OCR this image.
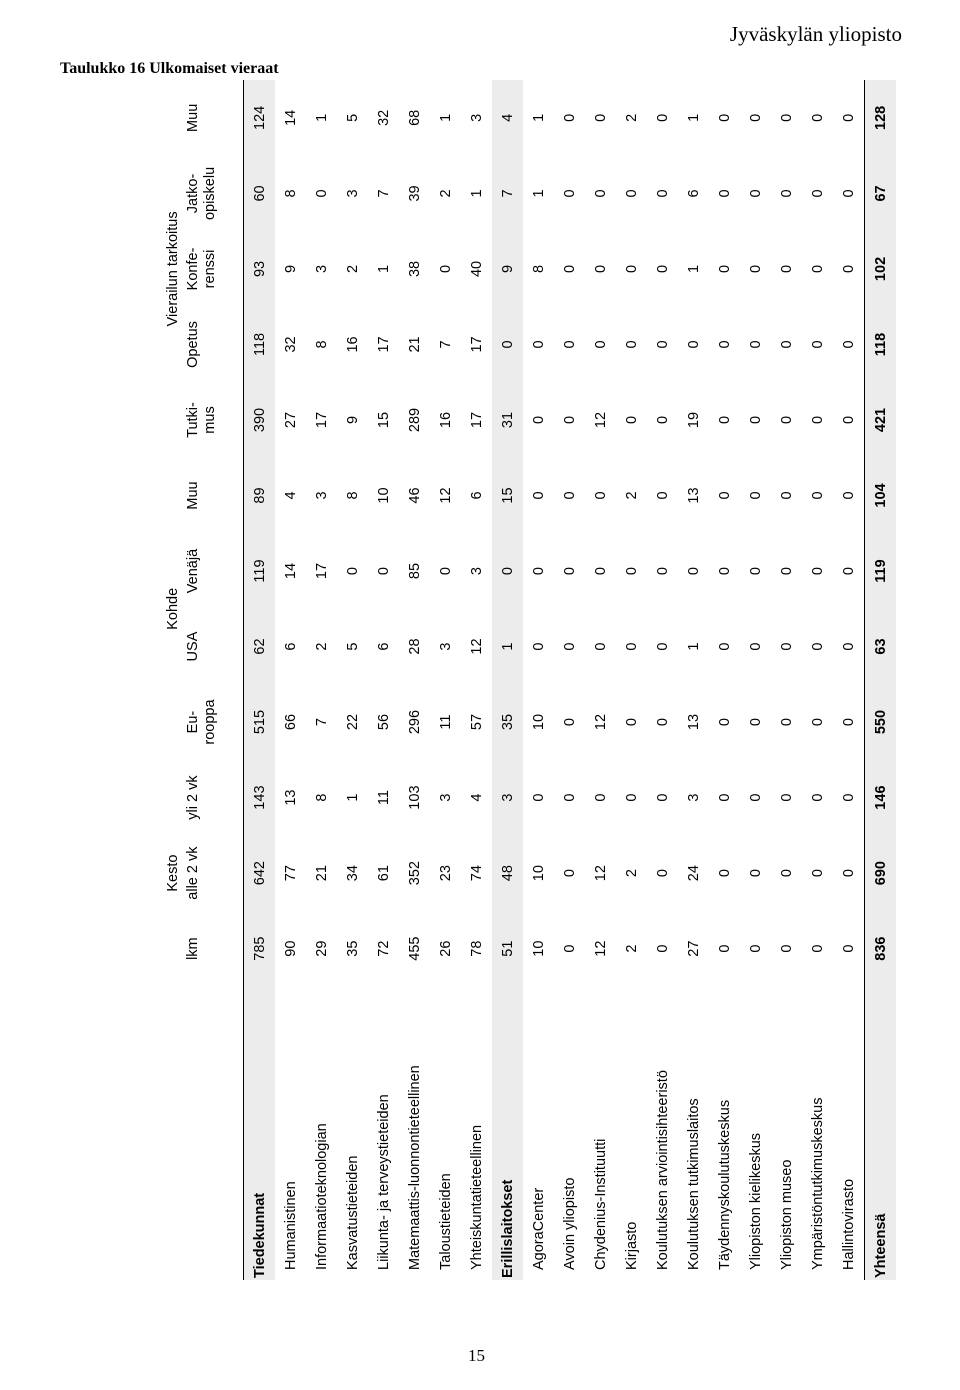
Jyväskylän yliopisto
Taulukko 16 Ulkomaiset vieraat
	Kesto			Kohde				Vierailun tarkoitus				

	lkm	alle 2 vk	yli 2 vk	Eu- rooppa	USA	Venäjä	Muu	Tutki- mus	Opetus	Konfe- renssi	Jatko- opiskelu	Muu

Tiedekunnat	785	642	143	515	62	119	89	390	118	93	60	124
Humanistinen	90	77	13	66	6	14	4	27	32	9	8	14
Informaatioteknologian	29	21	8	7	2	17	3	17	8	3	0	1
Kasvatustieteiden	35	34	1	22	5	0	8	9	16	2	3	5
Liikunta- ja terveystieteiden	72	61	11	56	6	0	10	15	17	1	7	32
Matemaattis-luonnontieteellinen	455	352	103	296	28	85	46	289	21	38	39	68
Taloustieteiden	26	23	3	11	3	0	12	16	7	0	2	1
Yhteiskuntatieteellinen	78	74	4	57	12	3	6	17	17	40	1	3
Erillislaitokset	51	48	3	35	1	0	15	31	0	9	7	4
AgoraCenter	10	10	0	10	0	0	0	0	0	8	1	1
Avoin yliopisto	0	0	0	0	0	0	0	0	0	0	0	0
Chydenius-Instituutti	12	12	0	12	0	0	0	12	0	0	0	0
Kirjasto	2	2	0	0	0	0	2	0	0	0	0	2
Koulutuksen arviointisihteeristö	0	0	0	0	0	0	0	0	0	0	0	0
Koulutuksen tutkimuslaitos	27	24	3	13	1	0	13	19	0	1	6	1
Täydennyskoulutuskeskus	0	0	0	0	0	0	0	0	0	0	0	0
Yliopiston kielikeskus	0	0	0	0	0	0	0	0	0	0	0	0
Yliopiston museo	0	0	0	0	0	0	0	0	0	0	0	0
Ympäristöntutkimuskeskus	0	0	0	0	0	0	0	0	0	0	0	0
Hallintovirasto	0	0	0	0	0	0	0	0	0	0	0	0
Yhteensä	836	690	146	550	63	119	104	421	118	102	67	128
15
